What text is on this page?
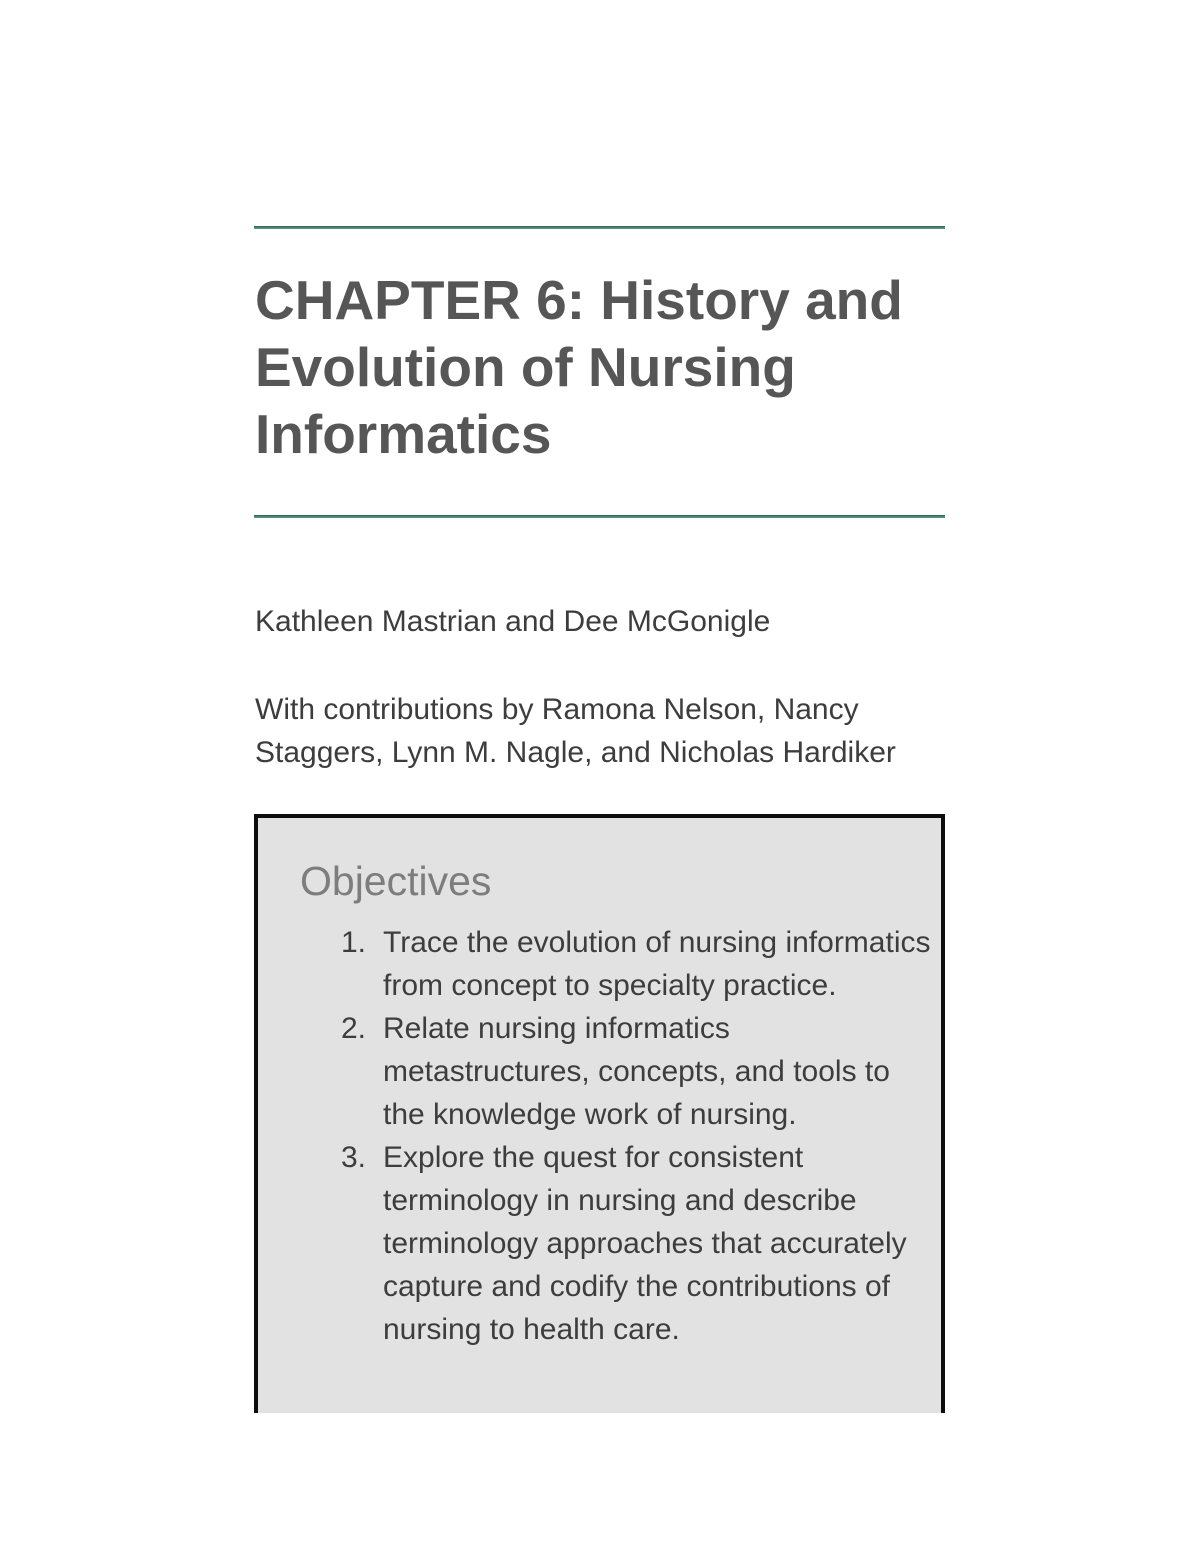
CHAPTER 6: History and
Evolution of Nursing
Informatics
Kathleen Mastrian and Dee McGonigle
With contributions by Ramona Nelson, Nancy
Staggers, Lynn M. Nagle, and Nicholas Hardiker
Objectives
1. Trace the evolution of nursing informatics
from concept to specialty practice.
2. Relate nursing informatics
metastructures, concepts, and tools to
the knowledge work of nursing.
3. Explore the quest for consistent
terminology in nursing and describe
terminology approaches that accurately
capture and codify the contributions of
nursing to health care.
